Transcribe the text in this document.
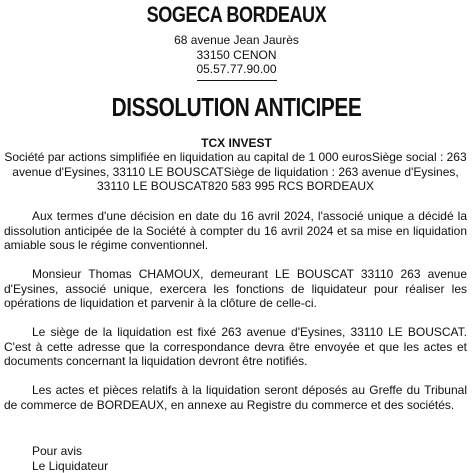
SOGECA BORDEAUX
68 avenue Jean Jaurès
33150 CENON
05.57.77.90.00
DISSOLUTION ANTICIPEE
TCX INVEST
Société par actions simplifiée en liquidation au capital de 1 000 eurosSiège social : 263 avenue d'Eysines, 33110 LE BOUSCATSiège de liquidation : 263 avenue d'Eysines, 33110 LE BOUSCAT820 583 995 RCS BORDEAUX
Aux termes d'une décision en date du 16 avril 2024, l'associé unique a décidé la dissolution anticipée de la Société à compter du 16 avril 2024 et sa mise en liquidation amiable sous le régime conventionnel.
Monsieur Thomas CHAMOUX, demeurant LE BOUSCAT 33110 263 avenue d'Eysines, associé unique, exercera les fonctions de liquidateur pour réaliser les opérations de liquidation et parvenir à la clôture de celle-ci.
Le siège de la liquidation est fixé 263 avenue d'Eysines, 33110 LE BOUSCAT. C'est à cette adresse que la correspondance devra être envoyée et que les actes et documents concernant la liquidation devront être notifiés.
Les actes et pièces relatifs à la liquidation seront déposés au Greffe du Tribunal de commerce de BORDEAUX, en annexe au Registre du commerce et des sociétés.
Pour avis
Le Liquidateur
